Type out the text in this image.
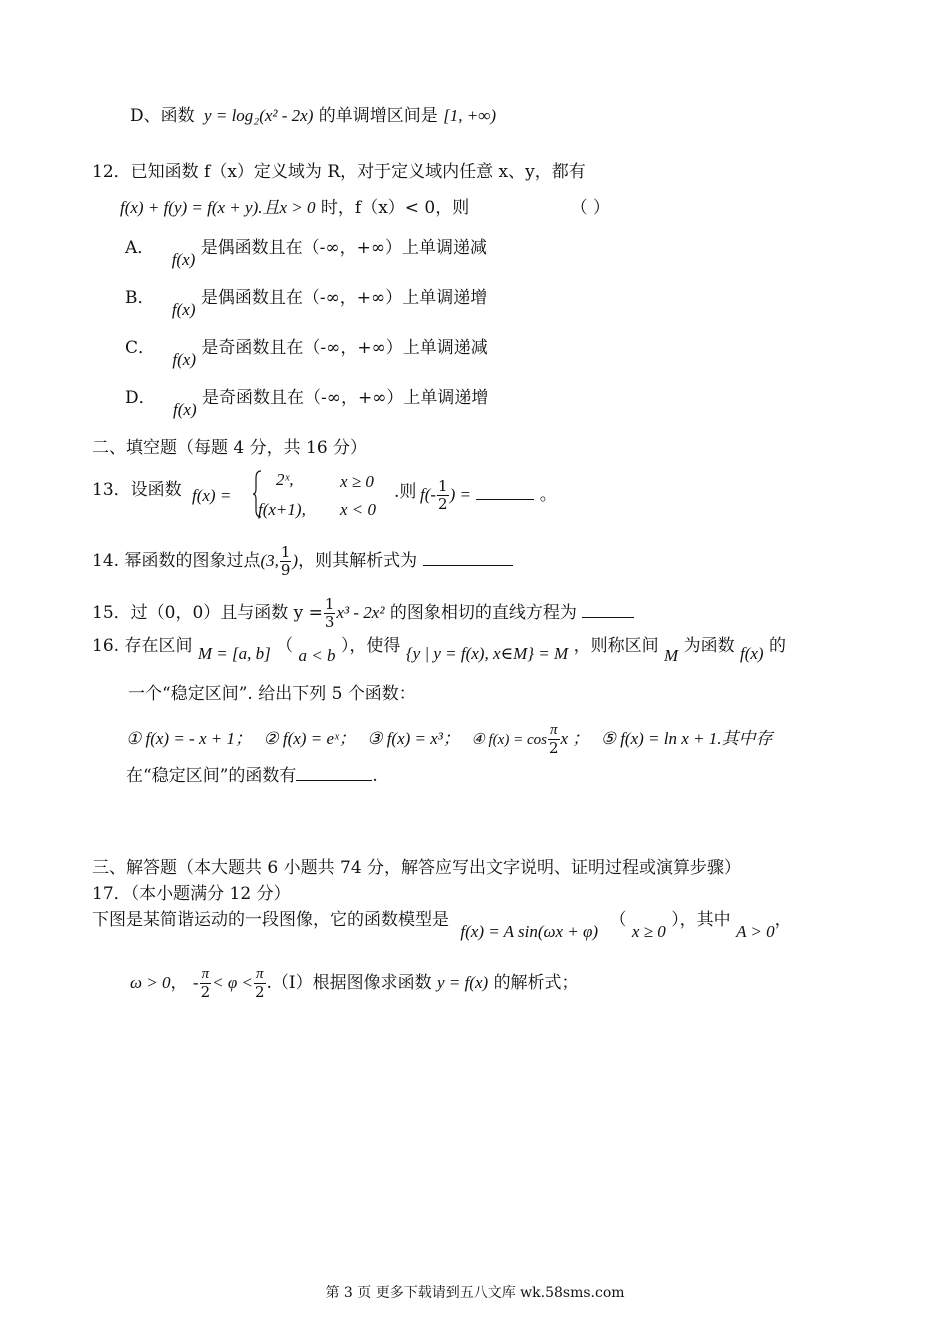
D、函数 y = log₂(x² - 2x) 的单调增区间是 [1, +∞)
12．已知函数 f（x）定义域为 R，对于定义域内任意 x、y，都有
f(x) + f(y) = f(x + y).且x > 0 时，f（x）< 0，则	（ ）
A． f(x) 是偶函数且在（-∞，+∞）上单调递减
B． f(x) 是偶函数且在（-∞，+∞）上单调递增
C． f(x) 是奇函数且在（-∞，+∞）上单调递减
D． f(x) 是奇函数且在（-∞，+∞）上单调递增
二、填空题（每题 4 分，共 16 分）
13．设函数 f(x) =
2ˣ,	x ≥ 0
f(x+1), x < 0
.则 $f(- \frac{1}{2}$ ) =	。
14. 幂函数的图象过点(3, $\frac{1}{9}$ )，则其解析式为
15．过（0，0）且与函数 $y = \frac{1}{3} x^3 - 2x^2$ 的图象相切的直线方程为
16. 存在区间 M = [a, b] （ a < b ），使得 {y | y = f(x), x∈M} = M ，则称区间 M 为函数 f(x) 的
一个“稳定区间”. 给出下列 5 个函数：
① f(x) = - x + 1； ② f(x) = eˣ； ③ f(x) = x³； ④ $f(x) = \cos \frac{\pi}{2}$ x ； ⑤ f(x) = ln x + 1.其中存
在“稳定区间”的函数有	.
三、解答题（本大题共 6 小题共 74 分，解答应写出文字说明、证明过程或演算步骤）
17．（本小题满分 12 分）
下图是某简谐运动的一段图像，它的函数模型是 f(x) = A sin(ωx + φ) （ x ≥ 0 ），其中 A > 0，
ω > 0， - $\frac{\pi}{2} < \varphi < \frac{\pi}{2}$ .（Ⅰ）根据图像求函数 y = f(x) 的解析式；
第 3 页 更多下载请到五八文库 wk.58sms.com
